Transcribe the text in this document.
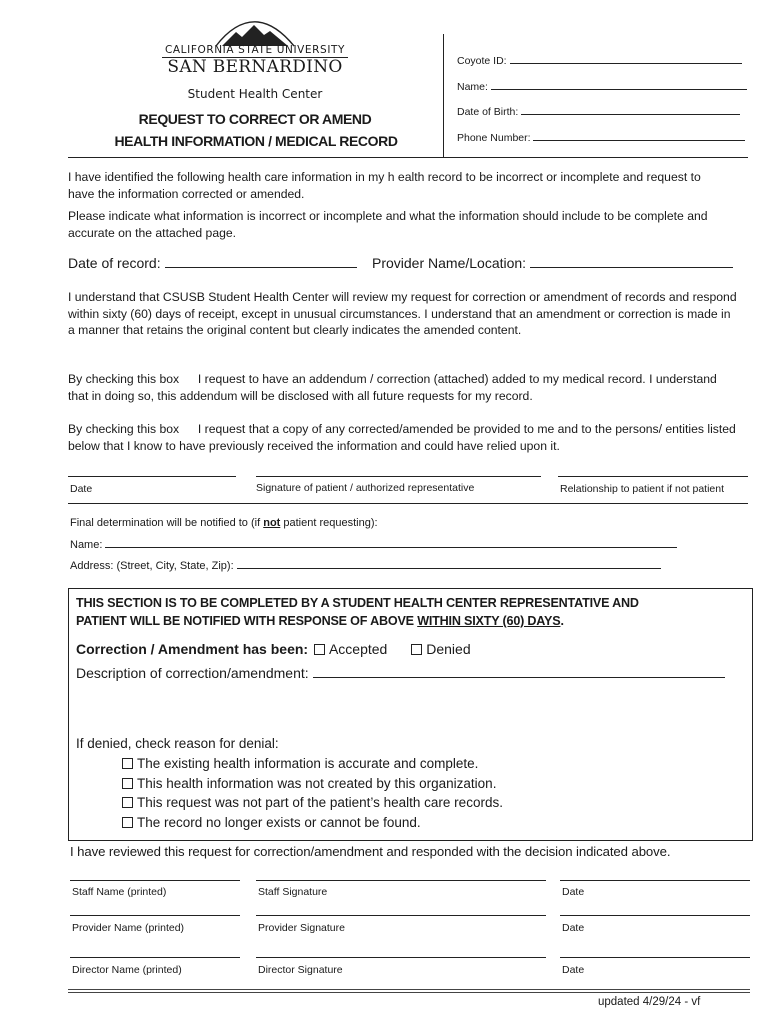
CALIFORNIA STATE UNIVERSITY
SAN BERNARDINO
Student Health Center
REQUEST TO CORRECT OR AMEND
HEALTH INFORMATION / MEDICAL RECORD
Coyote ID:
Name:
Date of Birth:
Phone Number:
I have identified the following health care information in my h ealth record to be incorrect or incomplete and request to have the information corrected or amended.
Please indicate what information is incorrect or incomplete and what the information should include to be complete and accurate on the attached page.
Date of record:	Provider Name/Location:
I understand that CSUSB Student Health Center will review my request for correction or amendment of records and respond within sixty (60) days of receipt, except in unusual circumstances. I understand that an amendment or correction is made in a manner that retains the original content but clearly indicates the amended content.
By checking this box I request to have an addendum / correction (attached) added to my medical record. I understand that in doing so, this addendum will be disclosed with all future requests for my record.
By checking this box I request that a copy of any corrected/amended be provided to me and to the persons/ entities listed below that I know to have previously received the information and could have relied upon it.
Date	Signature of patient / authorized representative	Relationship to patient if not patient
Final determination will be notified to (if not patient requesting):
Name:
Address: (Street, City, State, Zip):
THIS SECTION IS TO BE COMPLETED BY A STUDENT HEALTH CENTER REPRESENTATIVE AND
PATIENT WILL BE NOTIFIED WITH RESPONSE OF ABOVE WITHIN SIXTY (60) DAYS.
Correction / Amendment has been: Accepted	Denied
Description of correction/amendment:
If denied, check reason for denial:
The existing health information is accurate and complete.
This health information was not created by this organization.
This request was not part of the patient’s health care records.
The record no longer exists or cannot be found.
I have reviewed this request for correction/amendment and responded with the decision indicated above.
Staff Name (printed)	Staff Signature	Date
Provider Name (printed)	Provider Signature	Date
Director Name (printed)	Director Signature	Date
updated 4/29/24 - vf
